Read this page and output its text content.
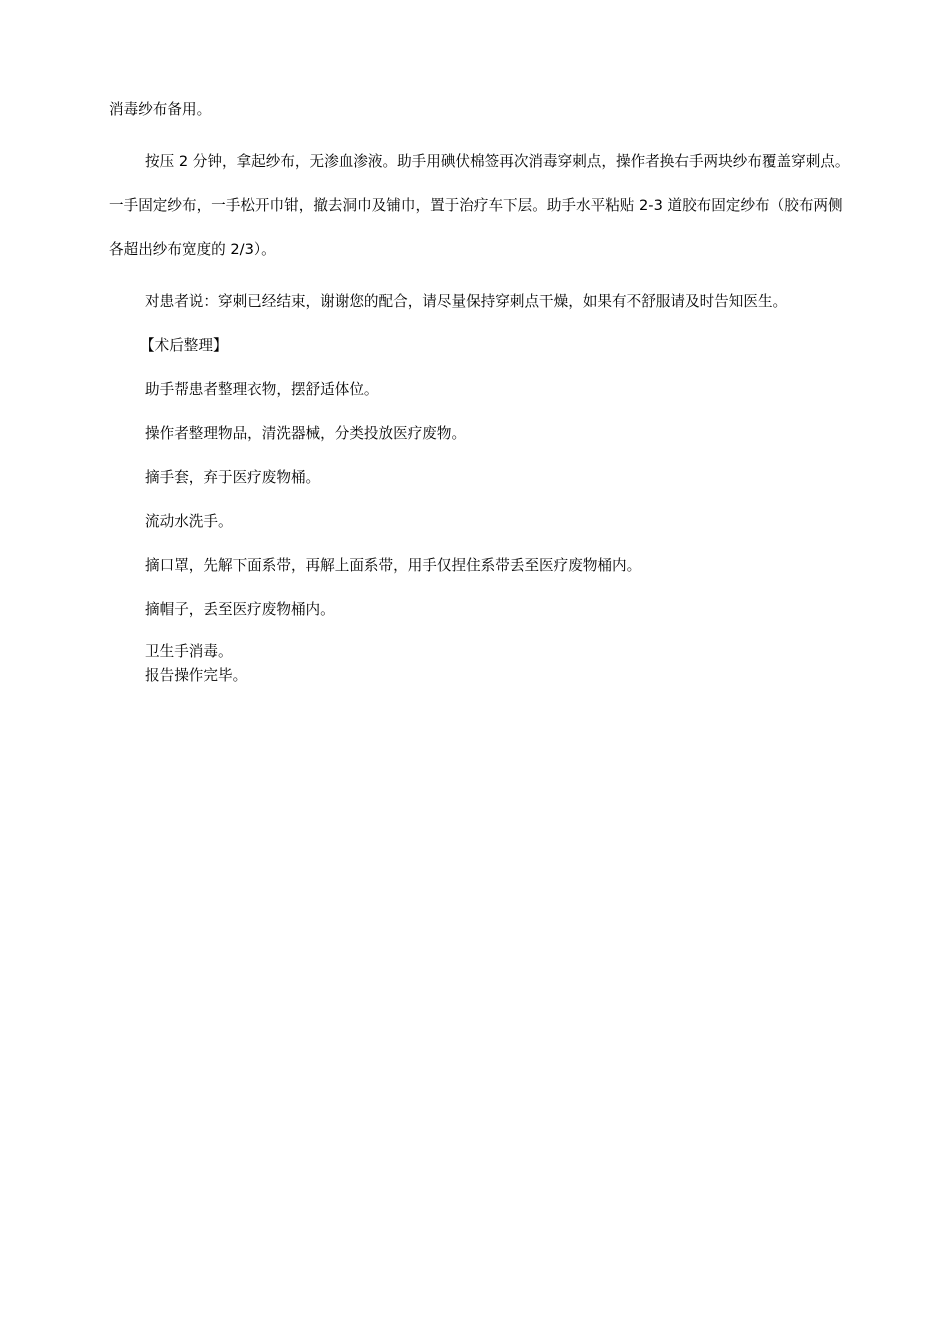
消毒纱布备用。

按压 2 分钟，拿起纱布，无渗血渗液。助手用碘伏棉签再次消毒穿刺点，操作者换右手两块纱布覆盖穿刺点。一手固定纱布，一手松开巾钳，撤去洞巾及铺巾，置于治疗车下层。助手水平粘贴 2-3 道胶布固定纱布（胶布两侧各超出纱布宽度的 2/3）。

对患者说：穿刺已经结束，谢谢您的配合，请尽量保持穿刺点干燥，如果有不舒服请及时告知医生。

【术后整理】

助手帮患者整理衣物，摆舒适体位。

操作者整理物品，清洗器械，分类投放医疗废物。

摘手套，弃于医疗废物桶。

流动水洗手。

摘口罩，先解下面系带，再解上面系带，用手仅捏住系带丢至医疗废物桶内。

摘帽子，丢至医疗废物桶内。

卫生手消毒。

报告操作完毕。
